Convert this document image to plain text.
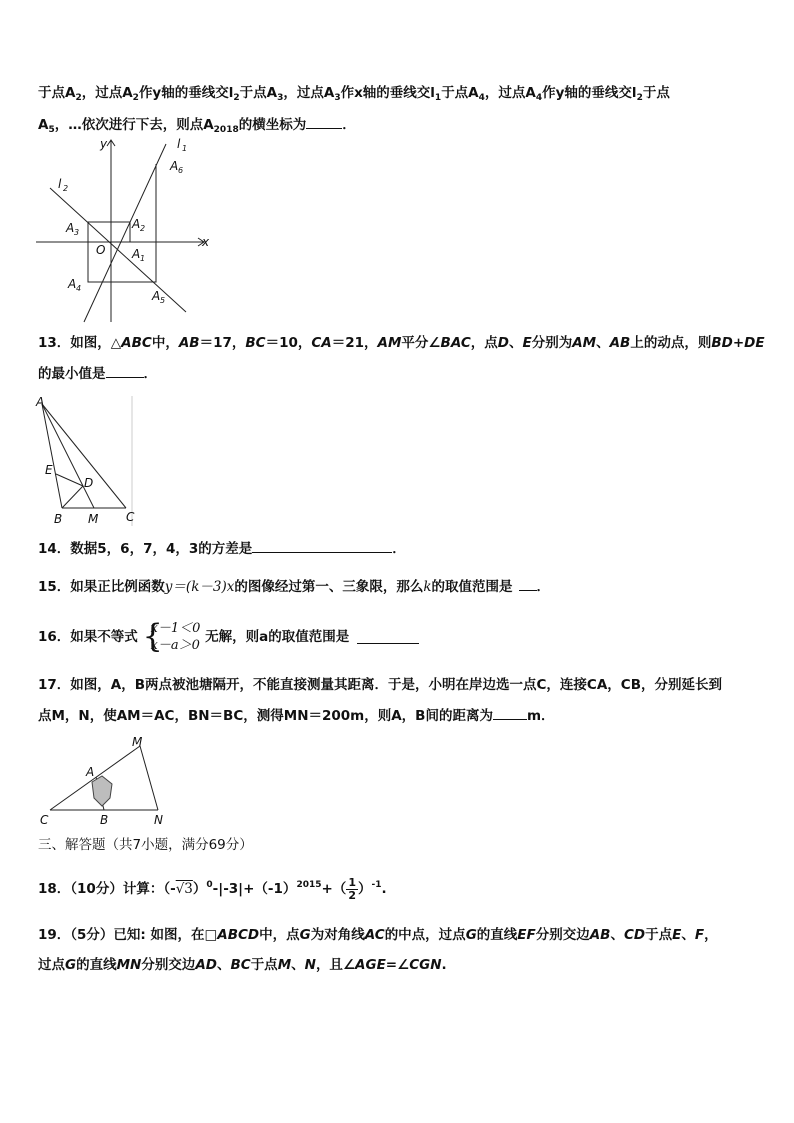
于点$A_2$，过点$A_2$作y轴的垂线交$l_2$于点$A_3$，过点$A_3$作x轴的垂线交$l_1$于点$A_4$，过点$A_4$作y轴的垂线交$l_2$于点
$A_5$，…依次进行下去，则点$A_{2018}$的横坐标为	．
y
x
O
l 1
l 2
A 1
A 2
A 3
A 4
A 5
A 6
13．如图，△ABC中，AB＝17，BC＝10，CA＝21，AM平分∠BAC，点D、E分别为AM、AB上的动点，则BD+DE
的最小值是	．
A
E
D
B M C
14．数据5，6，7，4，3的方差是	．
15．如果正比例函数y＝(k－3)x的图像经过第一、三象限，那么k的取值范围是 ．
16．如果不等式 {
x－1＜0
x－a＞0
无解，则a的取值范围是
17．如图，A，B两点被池塘隔开，不能直接测量其距离．于是，小明在岸边选一点C，连接CA，CB，分别延长到
点M，N，使AM＝AC，BN＝BC，测得MN＝200m，则A，B间的距离为	m．
M
A
C	B	N
三、解答题（共7小题，满分69分）
18．（10分）计算：$(-√3)^0-|-3|+(-1)^{2015}+( \frac{1}{2} )^{-1}$.
19．（5分）已知: 如图，在□ABCD中，点G为对角线AC的中点，过点G的直线EF分别交边AB、CD于点E、F，
过点G的直线MN分别交边AD、BC于点M、N，且∠AGE=∠CGN.
